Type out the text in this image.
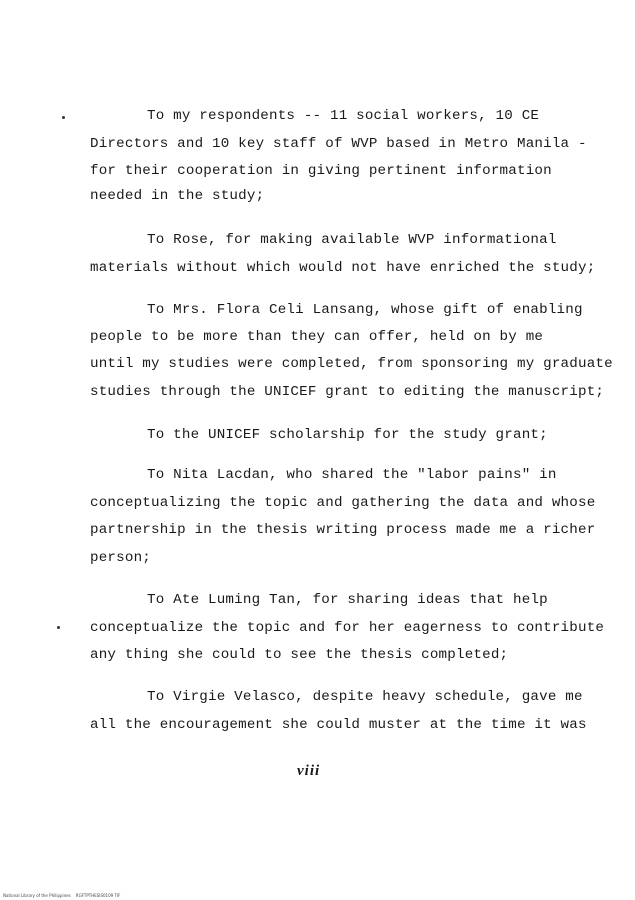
To my respondents -- 11 social workers, 10 CE
Directors and 10 key staff of WVP based in Metro Manila -
for their cooperation in giving pertinent information
needed in the study;
To Rose, for making available WVP informational
materials without which would not have enriched the study;
To Mrs. Flora Celi Lansang, whose gift of enabling
people to be more than they can offer, held on by me
until my studies were completed, from sponsoring my graduate
studies through the UNICEF grant to editing the manuscript;
To the UNICEF scholarship for the study grant;
To Nita Lacdan, who shared the "labor pains" in
conceptualizing the topic and gathering the data and whose
partnership in the thesis writing process made me a richer
person;
To Ate Luming Tan, for sharing ideas that help
conceptualize the topic and for her eagerness to contribute
any thing she could to see the thesis completed;
To Virgie Velasco, despite heavy schedule, gave me
all the encouragement she could muster at the time it was
viii
National Library of the Philippines    RGFTPTHESIS0109 TIF
